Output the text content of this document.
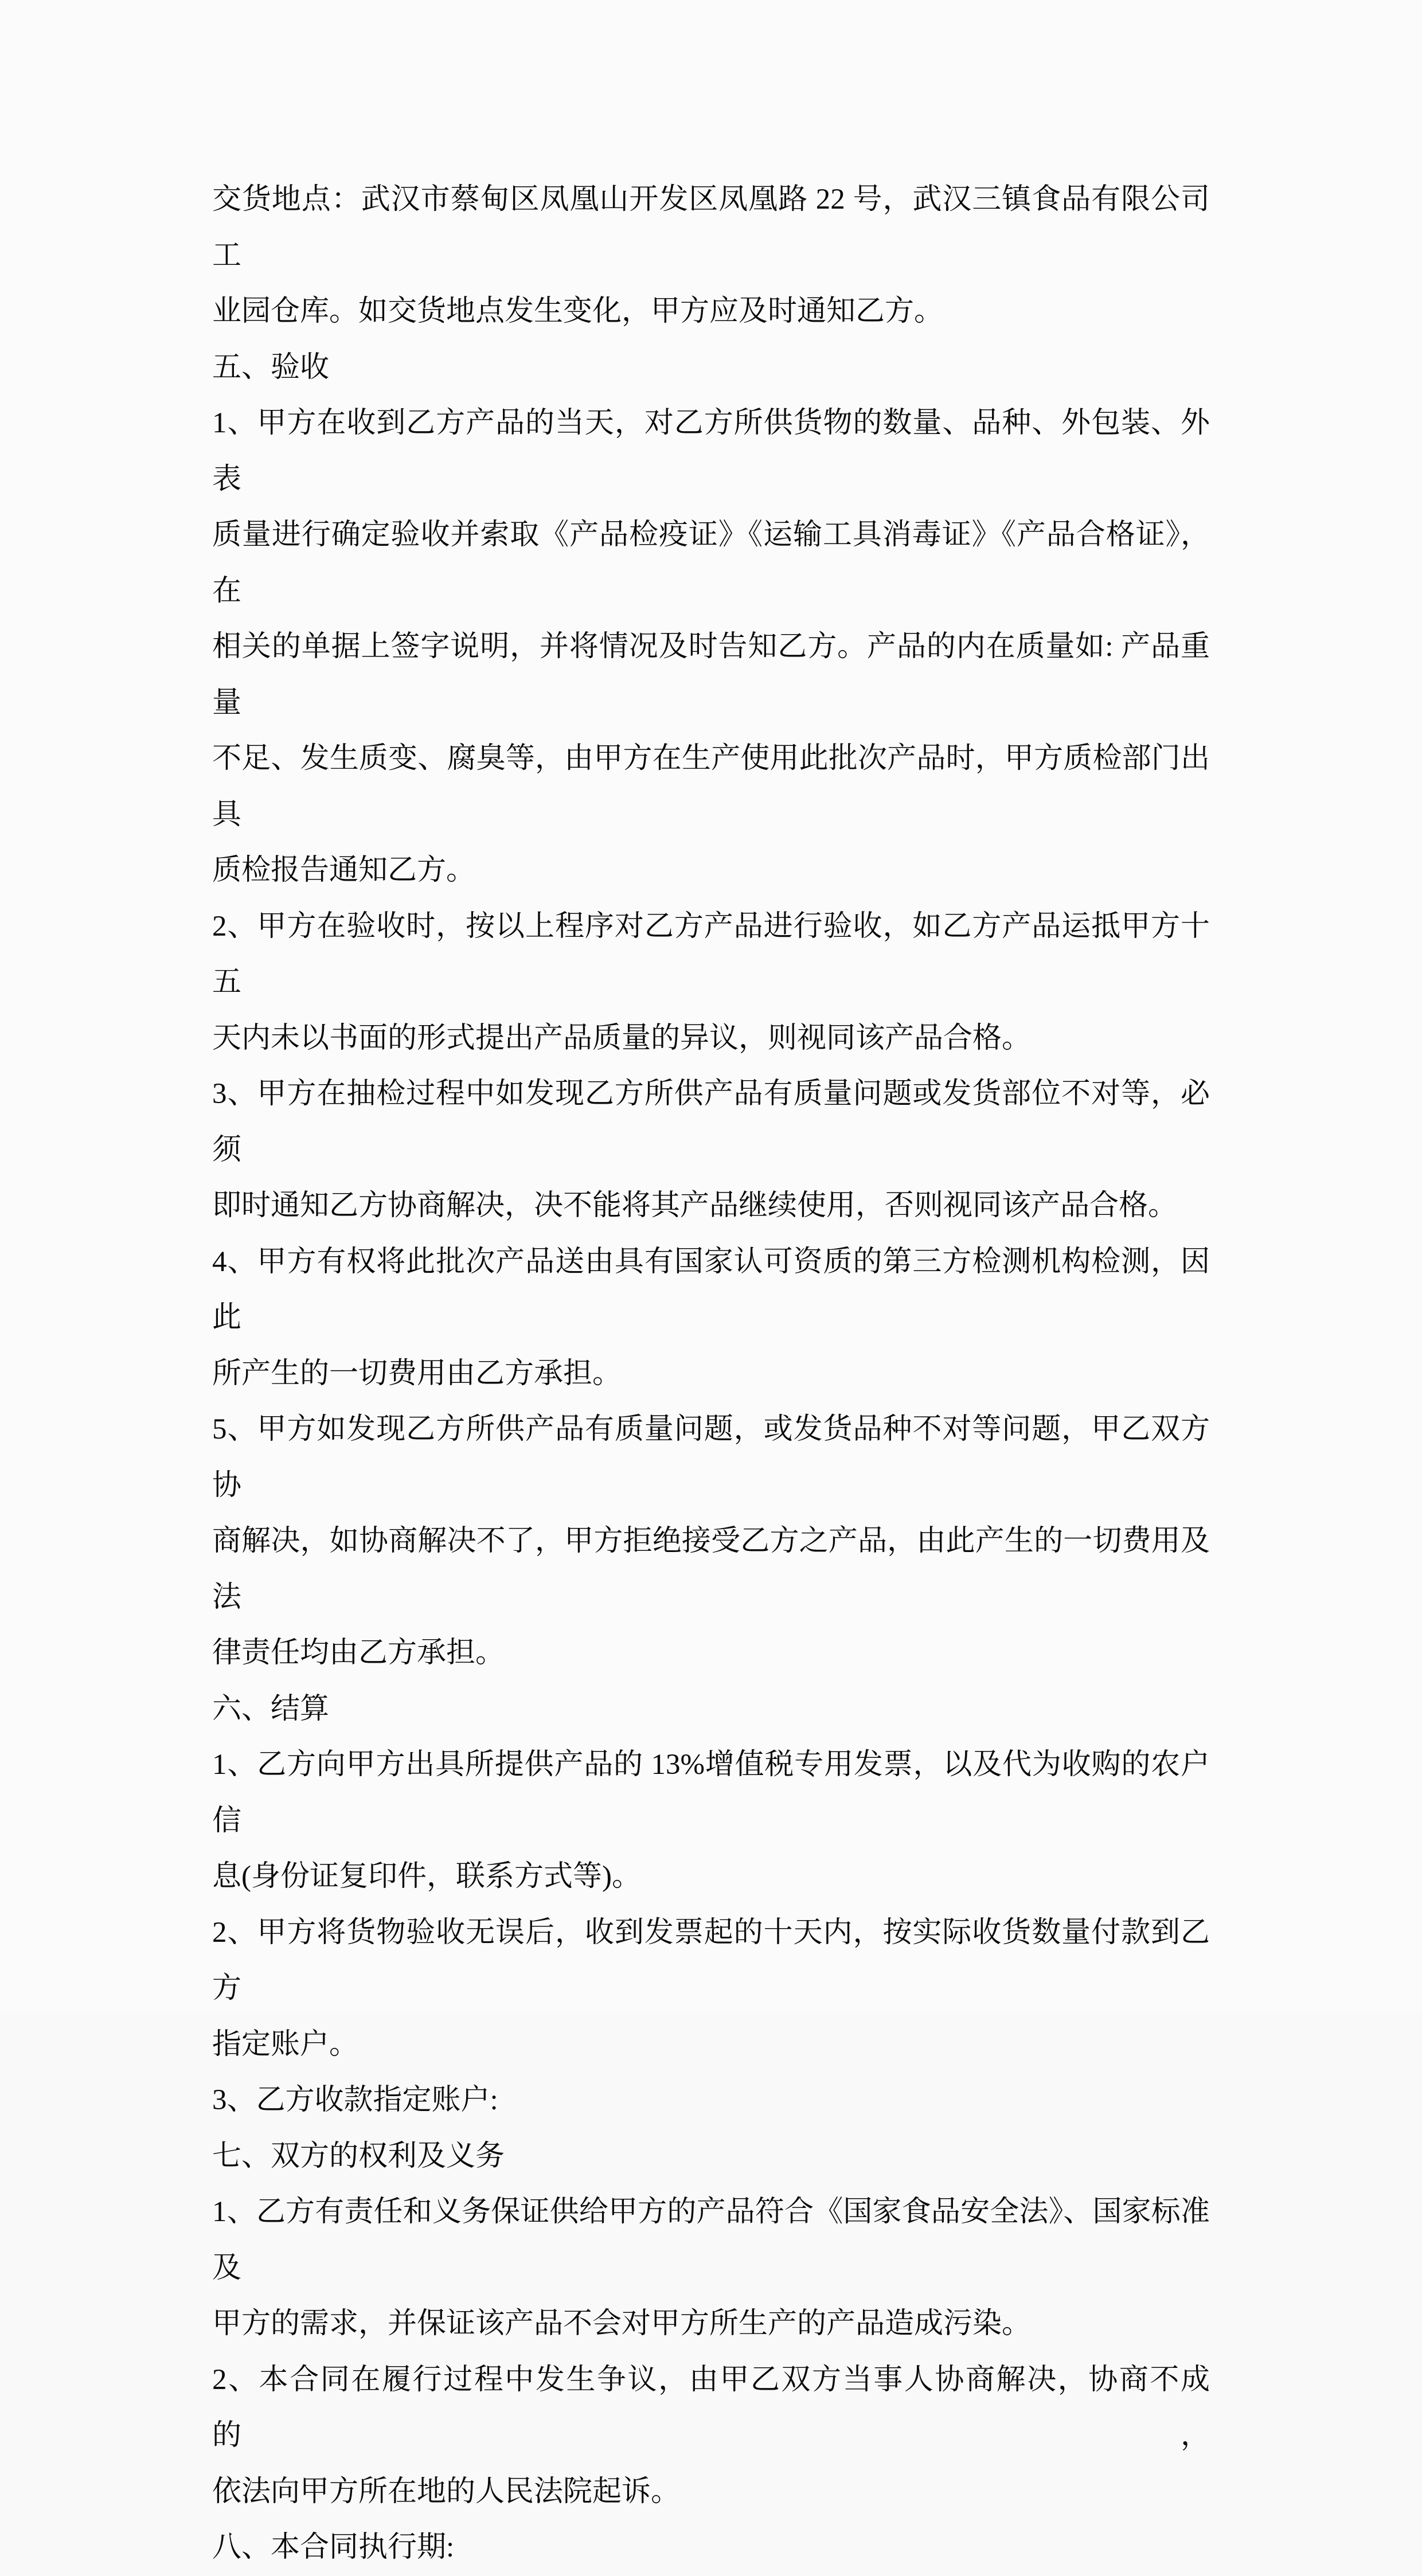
交货地点：武汉市蔡甸区凤凰山开发区凤凰路 22 号，武汉三镇食品有限公司工

业园仓库。如交货地点发生变化，甲方应及时通知乙方。

五、验收

1、甲方在收到乙方产品的当天，对乙方所供货物的数量、品种、外包装、外表

质量进行确定验收并索取《产品检疫证》《运输工具消毒证》《产品合格证》，在

相关的单据上签字说明，并将情况及时告知乙方。产品的内在质量如: 产品重量

不足、发生质变、腐臭等，由甲方在生产使用此批次产品时，甲方质检部门出具

质检报告通知乙方。

2、甲方在验收时，按以上程序对乙方产品进行验收，如乙方产品运抵甲方十五

天内未以书面的形式提出产品质量的异议，则视同该产品合格。

3、甲方在抽检过程中如发现乙方所供产品有质量问题或发货部位不对等，必须

即时通知乙方协商解决，决不能将其产品继续使用，否则视同该产品合格。

4、甲方有权将此批次产品送由具有国家认可资质的第三方检测机构检测，因此

所产生的一切费用由乙方承担。

5、甲方如发现乙方所供产品有质量问题，或发货品种不对等问题，甲乙双方协

商解决，如协商解决不了，甲方拒绝接受乙方之产品，由此产生的一切费用及法

律责任均由乙方承担。

六、结算

1、乙方向甲方出具所提供产品的 13%增值税专用发票，以及代为收购的农户信

息(身份证复印件，联系方式等)。

2、甲方将货物验收无误后，收到发票起的十天内，按实际收货数量付款到乙方

指定账户。

3、乙方收款指定账户:

七、双方的权利及义务

1、乙方有责任和义务保证供给甲方的产品符合《国家食品安全法》、国家标准及

甲方的需求，并保证该产品不会对甲方所生产的产品造成污染。

2、本合同在履行过程中发生争议，由甲乙双方当事人协商解决，协商不成的，

依法向甲方所在地的人民法院起诉。

八、本合同执行期:
